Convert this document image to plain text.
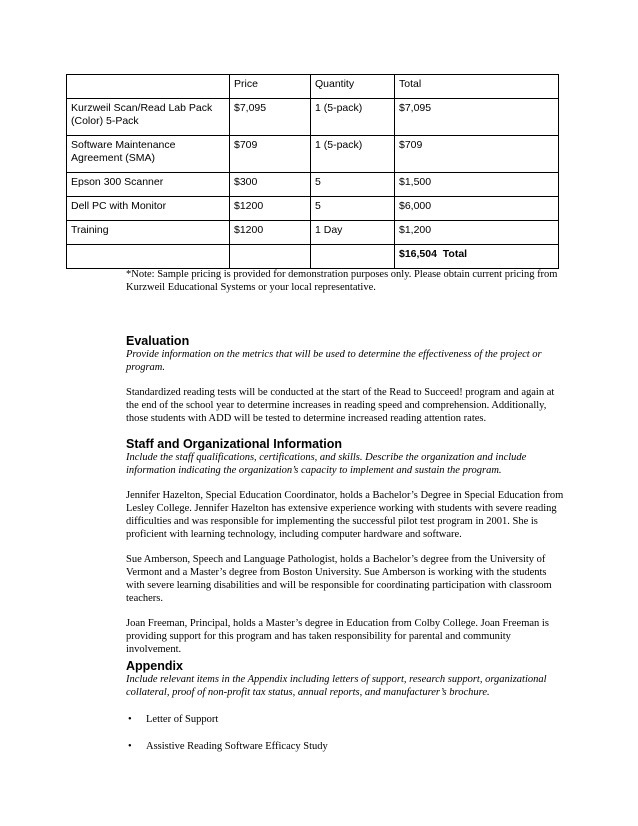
	Price	Quantity	Total
Kurzweil Scan/Read Lab Pack (Color) 5-Pack	$7,095	1 (5-pack)	$7,095
Software Maintenance Agreement (SMA)	$709	1 (5-pack)	$709
Epson 300 Scanner	$300	5	$1,500
Dell PC with Monitor	$1200	5	$6,000
Training	$1200	1 Day	$1,200
			$16,504  Total
*Note: Sample pricing is provided for demonstration purposes only. Please obtain current pricing from Kurzweil Educational Systems or your local representative.
Evaluation

Provide information on the metrics that will be used to determine the effectiveness of the project or program.

Standardized reading tests will be conducted at the start of the Read to Succeed! program and again at the end of the school year to determine increases in reading speed and comprehension. Additionally, those students with ADD will be tested to determine increased reading attention rates.

Staff and Organizational Information

Include the staff qualifications, certifications, and skills. Describe the organization and include information indicating the organization’s capacity to implement and sustain the program.

Jennifer Hazelton, Special Education Coordinator, holds a Bachelor’s Degree in Special Education from Lesley College. Jennifer Hazelton has extensive experience working with students with severe reading difficulties and was responsible for implementing the successful pilot test program in 2001. She is proficient with learning technology, including computer hardware and software.

Sue Amberson, Speech and Language Pathologist, holds a Bachelor’s degree from the University of Vermont and a Master’s degree from Boston University. Sue Amberson is working with the students with severe learning disabilities and will be responsible for coordinating participation with classroom teachers.

Joan Freeman, Principal, holds a Master’s degree in Education from Colby College. Joan Freeman is providing support for this program and has taken responsibility for parental and community involvement.

Appendix

Include relevant items in the Appendix including letters of support, research support, organizational collateral, proof of non-profit tax status, annual reports, and manufacturer’s brochure.

• Letter of Support
• Assistive Reading Software Efficacy Study
